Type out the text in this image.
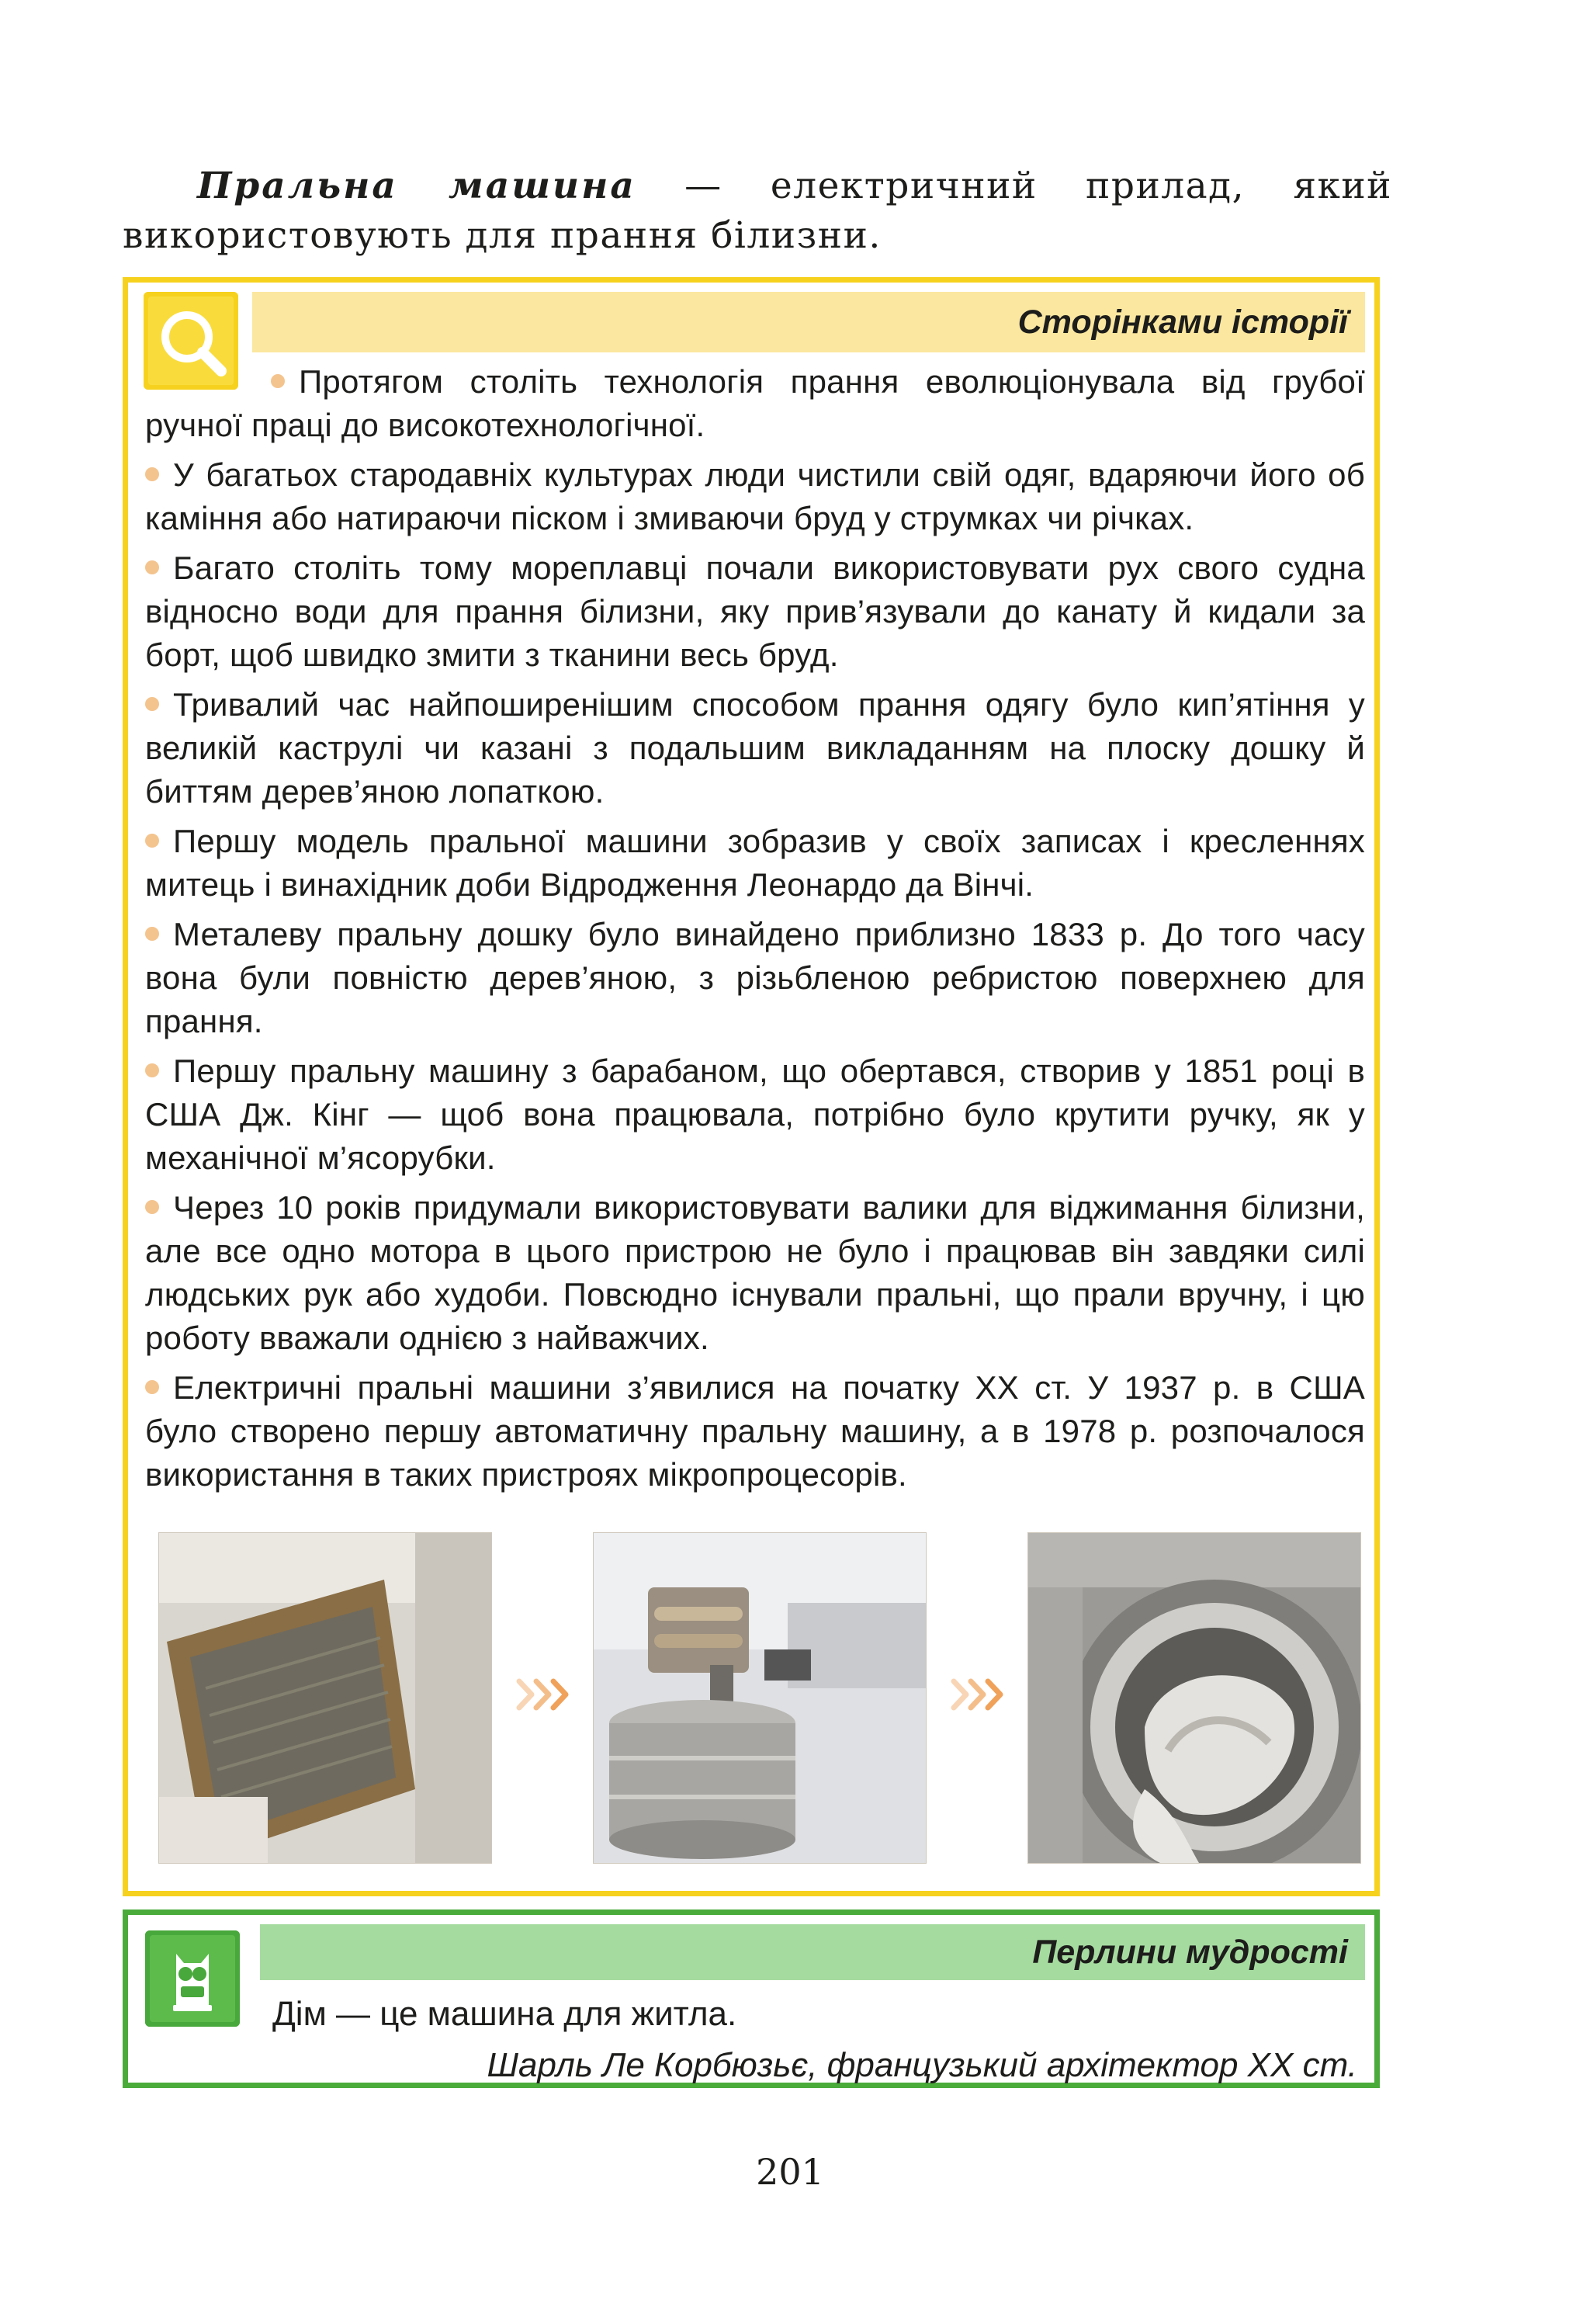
Пральна машина — електричний прилад, який використовують для прання білизни.

Сторінками історії

Протягом століть технологія прання еволюціонувала від грубої ручної праці до високотехнологічної.

У багатьох стародавніх культурах люди чистили свій одяг, вдаряючи його об каміння або натираючи піском і змиваючи бруд у струмках чи річках.

Багато століть тому мореплавці почали використовувати рух свого судна відносно води для прання білизни, яку прив’язували до канату й кидали за борт, щоб швидко змити з тканини весь бруд.

Тривалий час найпоширенішим способом прання одягу було кип’ятіння у великій каструлі чи казані з подальшим викладанням на плоску дошку й биттям дерев’яною лопаткою.

Першу модель пральної машини зобразив у своїх записах і кресленнях митець і винахідник доби Відродження Леонардо да Вінчі.

Металеву пральну дошку було винайдено приблизно 1833 р. До того часу вона були повністю дерев’яною, з різьбленою ребристою поверхнею для прання.

Першу пральну машину з барабаном, що обертався, створив у 1851 році в США Дж. Кінг — щоб вона працювала, потрібно було крутити ручку, як у механічної м’ясорубки.

Через 10 років придумали використовувати валики для віджимання білизни, але все одно мотора в цього пристрою не було і працював він завдяки силі людських рук або худоби. Повсюдно існували пральні, що прали вручну, і цю роботу вважали однією з найважчих.

Електричні пральні машини з’явилися на початку XX ст. У 1937 р. в США було створено першу автоматичну пральну машину, а в 1978 р. розпочалося використання в таких пристроях мікропроцесорів.

Перлини мудрості
Дім — це машина для житла.
Шарль Ле Корбюзьє, французький архітектор XX ст.
201
